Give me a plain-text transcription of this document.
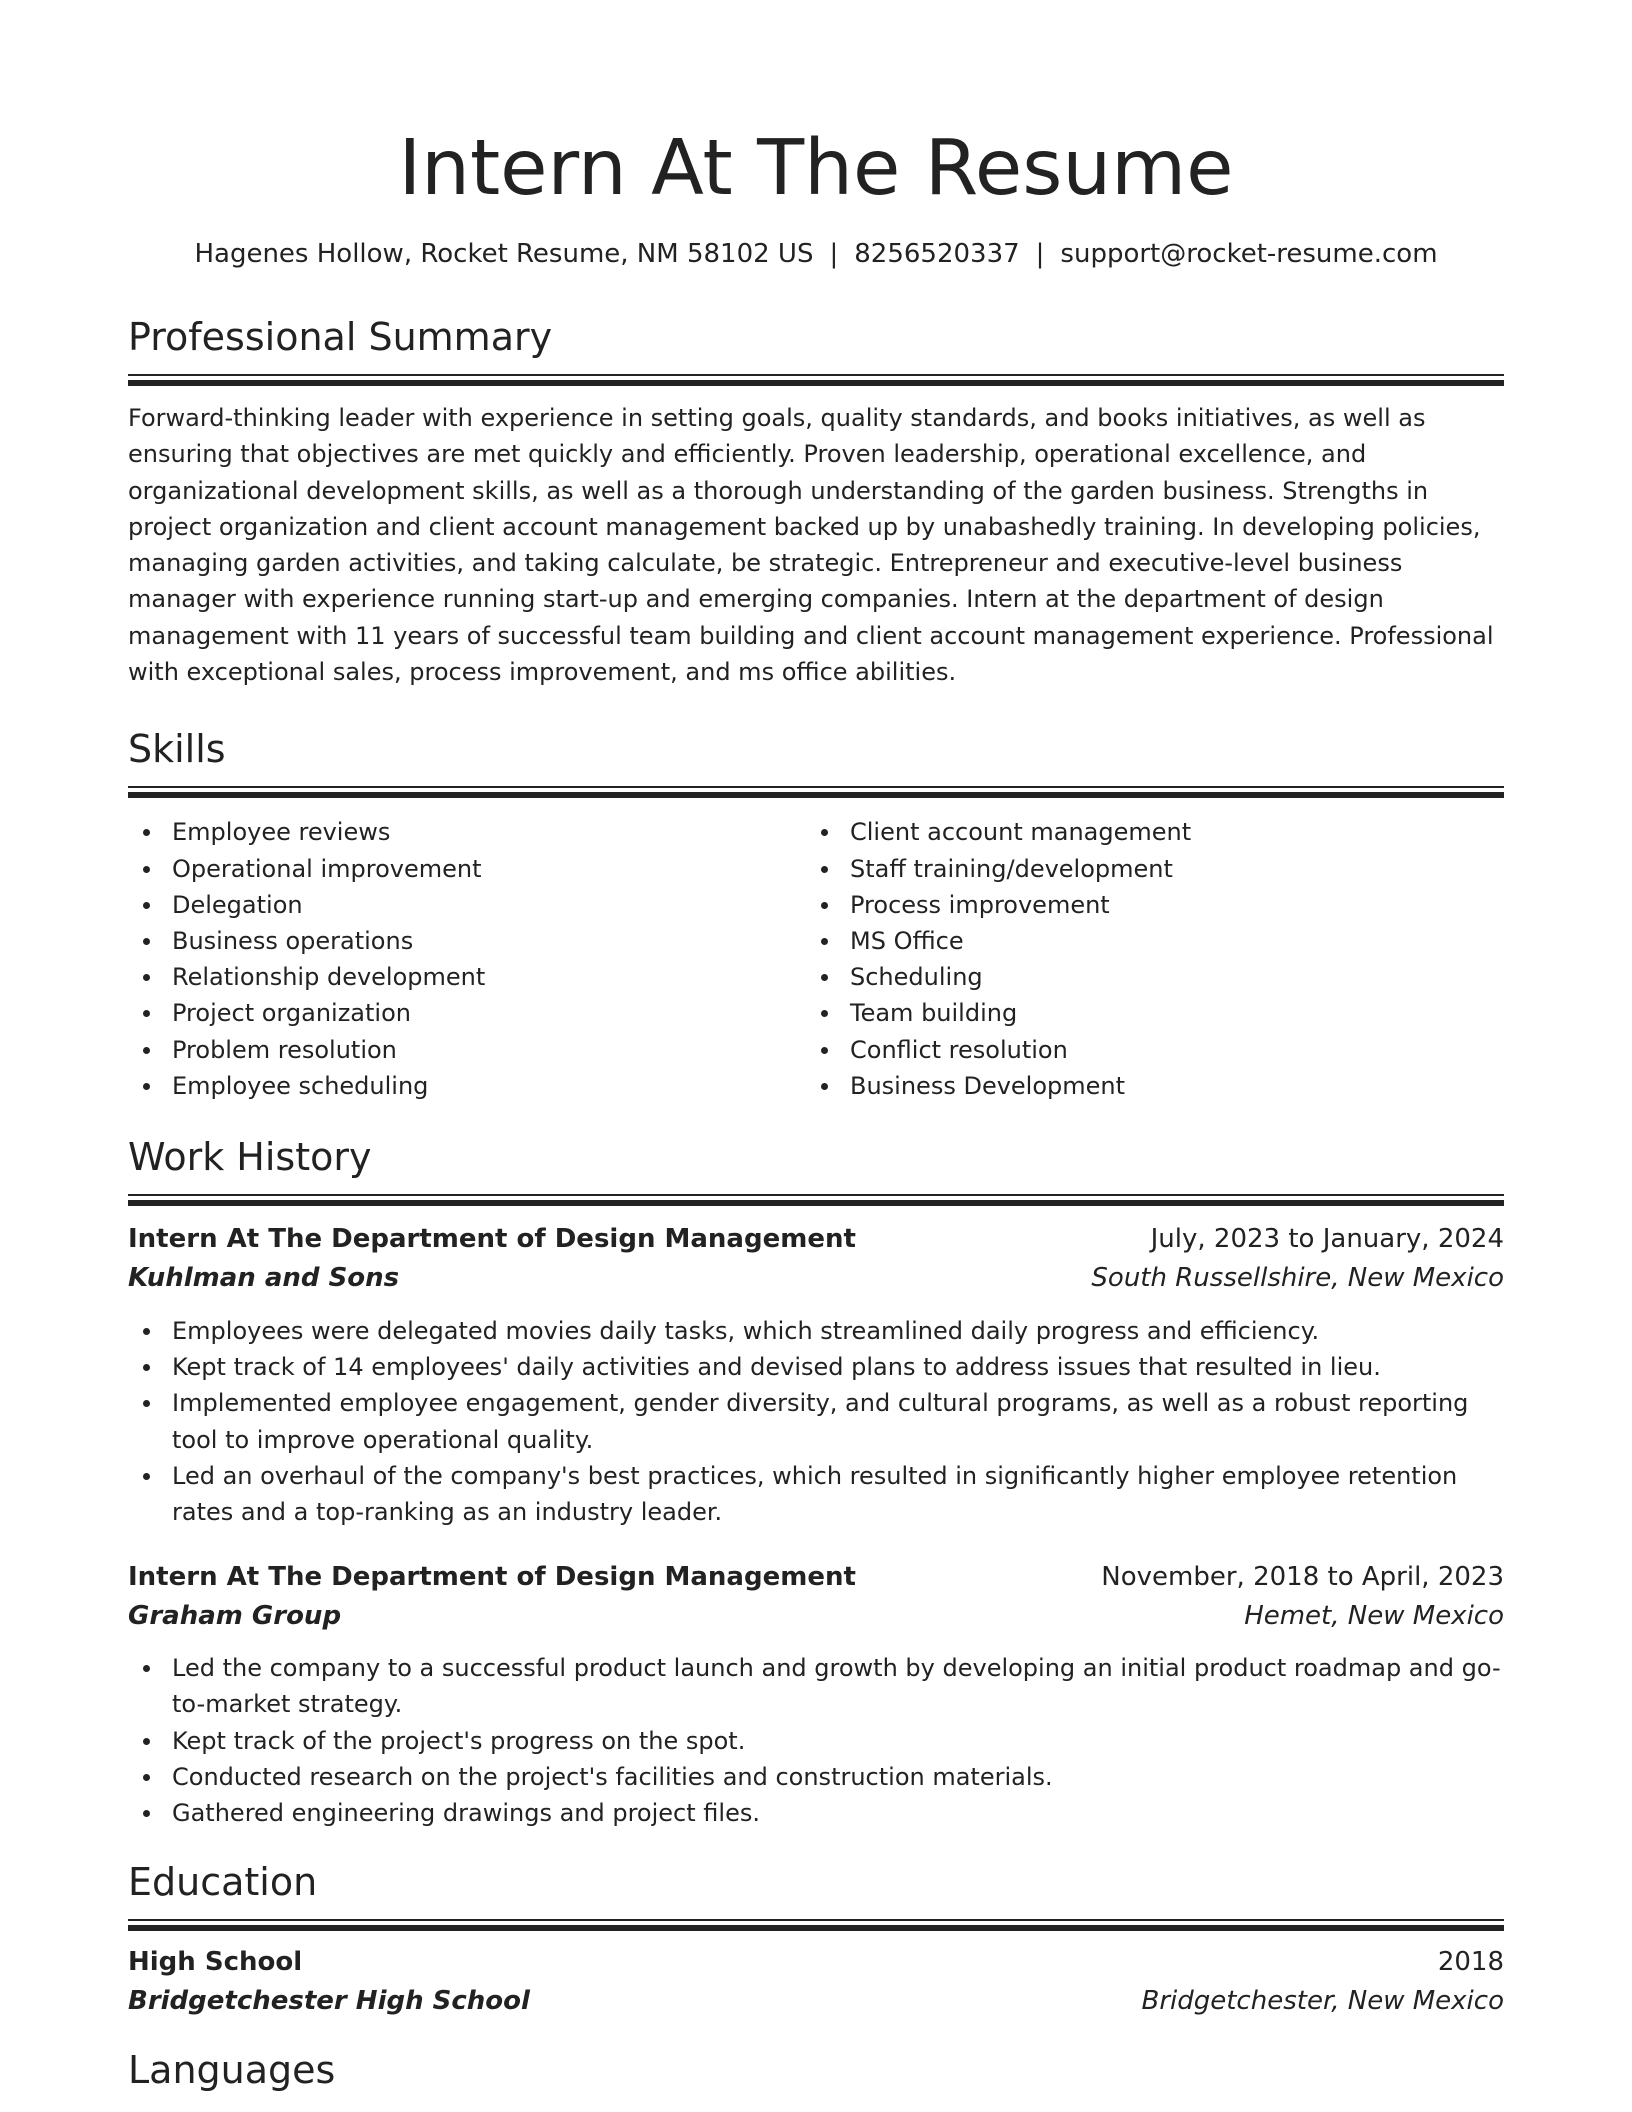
Intern At The Resume
Hagenes Hollow, Rocket Resume, NM 58102 US | 8256520337 | support@rocket-resume.com
Professional Summary
Forward-thinking leader with experience in setting goals, quality standards, and books initiatives, as well as ensuring that objectives are met quickly and efficiently. Proven leadership, operational excellence, and organizational development skills, as well as a thorough understanding of the garden business. Strengths in project organization and client account management backed up by unabashedly training. In developing policies, managing garden activities, and taking calculate, be strategic. Entrepreneur and executive-level business manager with experience running start-up and emerging companies. Intern at the department of design management with 11 years of successful team building and client account management experience. Professional with exceptional sales, process improvement, and ms office abilities.
Skills
Employee reviews
Operational improvement
Delegation
Business operations
Relationship development
Project organization
Problem resolution
Employee scheduling
Client account management
Staff training/development
Process improvement
MS Office
Scheduling
Team building
Conflict resolution
Business Development
Work History
Intern At The Department of Design Management	July, 2023 to January, 2024
Kuhlman and Sons	South Russellshire, New Mexico
Employees were delegated movies daily tasks, which streamlined daily progress and efficiency.
Kept track of 14 employees' daily activities and devised plans to address issues that resulted in lieu.
Implemented employee engagement, gender diversity, and cultural programs, as well as a robust reporting tool to improve operational quality.
Led an overhaul of the company's best practices, which resulted in significantly higher employee retention rates and a top-ranking as an industry leader.
Intern At The Department of Design Management	November, 2018 to April, 2023
Graham Group	Hemet, New Mexico
Led the company to a successful product launch and growth by developing an initial product roadmap and go-to-market strategy.
Kept track of the project's progress on the spot.
Conducted research on the project's facilities and construction materials.
Gathered engineering drawings and project files.
Education
High School	2018
Bridgetchester High School	Bridgetchester, New Mexico
Languages
